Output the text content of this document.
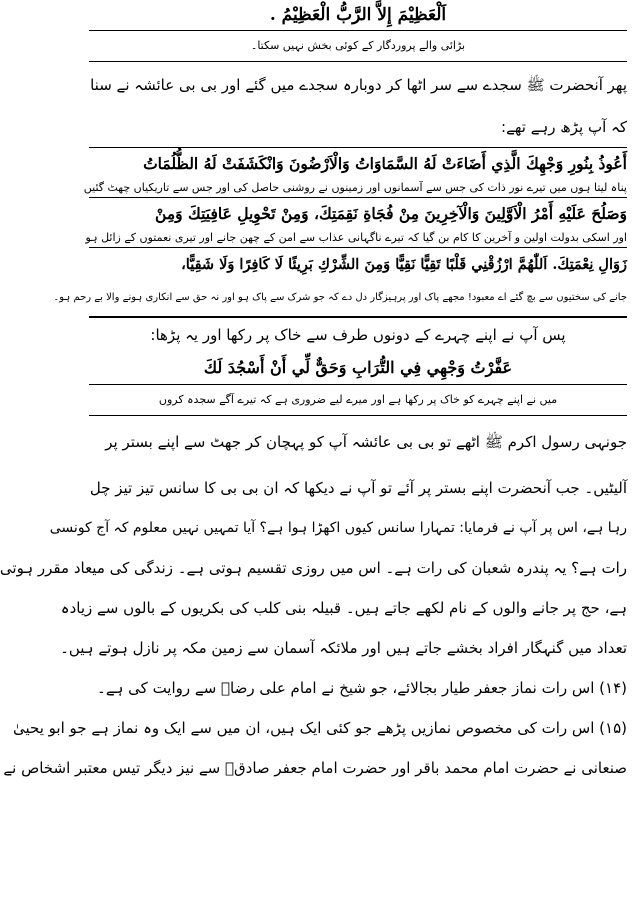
اَلْعَظِيْمَ إِلاَّ الرَّبُّ الْعَظِيْمُ .
بڑائی والے پروردگار کے کوئی بخش نہیں سکتا۔
پھر آنحضرت ﷺ سجدے سے سر اٹھا کر دوبارہ سجدے میں گئے اور بی بی عائشہ نے سنا
کہ آپ پڑھ رہے تھے:
أَعُوذُ بِنُورِ وَجْهِكَ الَّذِي أَضَاءَتْ لَهُ السَّمَاوَاتُ وَالْاَرْضُونَ وَانْكَشَفَتْ لَهُ الظُّلُمَاتُ
پناہ لیتا ہوں میں تیرے نور ذات کی جس سے آسمانوں اور زمینوں نے روشنی حاصل کی اور جس سے تاریکیاں چھٹ گئیں
وَصَلُحَ عَلَيْهِ أَمْرُ الْاَوَّلِينَ وَالْآخِرِينَ مِنْ فُجَاةِ نَقِمَتِكَ، وَمِنْ تَحْوِيلِ عَافِيَتِكَ وَمِنْ
اور اسکی بدولت اولین و آخرین کا کام بن گیا کہ تیرے ناگہانی عذاب سے امن کے چھن جانے اور تیری نعمتوں کے زائل ہو
زَوَالِ نِعْمَتِكَ. اَللّٰهُمَّ ارْزُقْنِي قَلْبًا تَقِيًّا نَقِيًّا وَمِنَ الشِّرْكِ بَرِيئًا لَا كَافِرًا وَلَا شَقِيًّا،
جانے کی سختیوں سے بچ گئے اے معبود! مجھے پاک اور پرہیزگار دل دے کہ جو شرک سے پاک ہو اور نہ حق سے انکاری ہونے والا بے رحم ہو۔
پس آپ نے اپنے چہرے کے دونوں طرف سے خاک پر رکھا اور یہ پڑھا:
عَفَّرْتُ وَجْهِي فِي التُّرَابِ وَحَقٌّ لِّي أَنْ أَسْجُدَ لَكَ
میں نے اپنے چہرے کو خاک پر رکھا ہے اور میرے لیے ضروری ہے کہ تیرے آگے سجدہ کروں
جونہی رسول اکرم ﷺ اٹھے تو بی بی عائشہ آپ کو پہچان کر جھٹ سے اپنے بستر پر
آلیٹیں۔ جب آنحضرت اپنے بستر پر آئے تو آپ نے دیکھا کہ ان بی بی کا سانس تیز تیز چل
رہا ہے، اس پر آپ نے فرمایا: تمہارا سانس کیوں اکھڑا ہوا ہے؟ آیا تمہیں نہیں معلوم کہ آج کونسی
رات ہے؟ یہ پندرہ شعبان کی رات ہے۔ اس میں روزی تقسیم ہوتی ہے۔ زندگی کی میعاد مقرر ہوتی
ہے، حج پر جانے والوں کے نام لکھے جاتے ہیں۔ قبیلہ بنی کلب کی بکریوں کے بالوں سے زیادہ
تعداد میں گنہگار افراد بخشے جاتے ہیں اور ملائکہ آسمان سے زمین مکہ پر نازل ہوتے ہیں۔
(۱۴) اس رات نماز جعفر طیار بجالائے، جو شیخ نے امام علی رضاؑ سے روایت کی ہے۔
(۱۵) اس رات کی مخصوص نمازیں پڑھے جو کئی ایک ہیں، ان میں سے ایک وہ نماز ہے جو ابو یحییٰ
صنعانی نے حضرت امام محمد باقر اور حضرت امام جعفر صادقؑ سے نیز دیگر تیس معتبر اشخاص نے
